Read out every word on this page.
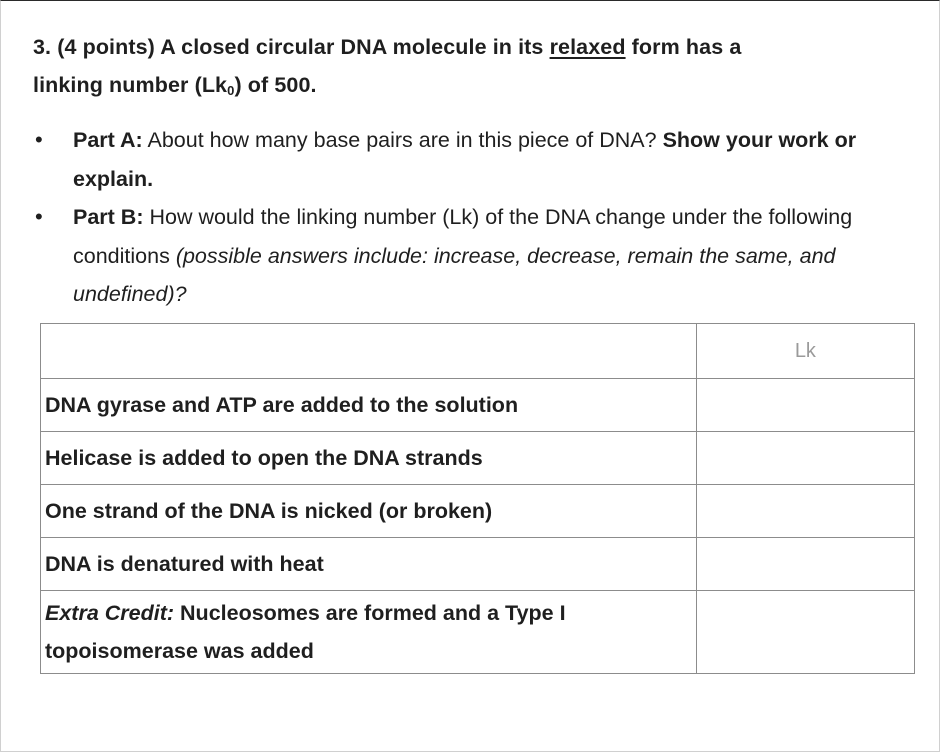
3. (4 points) A closed circular DNA molecule in its relaxed form has a
linking number $(Lk_0)$ of 500.
• Part A: About how many base pairs are in this piece of DNA? Show your work or explain.
• Part B: How would the linking number (Lk) of the DNA change under the following conditions (possible answers include: increase, decrease, remain the same, and undefined)?
	Lk
DNA gyrase and ATP are added to the solution	
Helicase is added to open the DNA strands	
One strand of the DNA is nicked (or broken)	
DNA is denatured with heat	
Extra Credit: Nucleosomes are formed and a Type I
topoisomerase was added	
